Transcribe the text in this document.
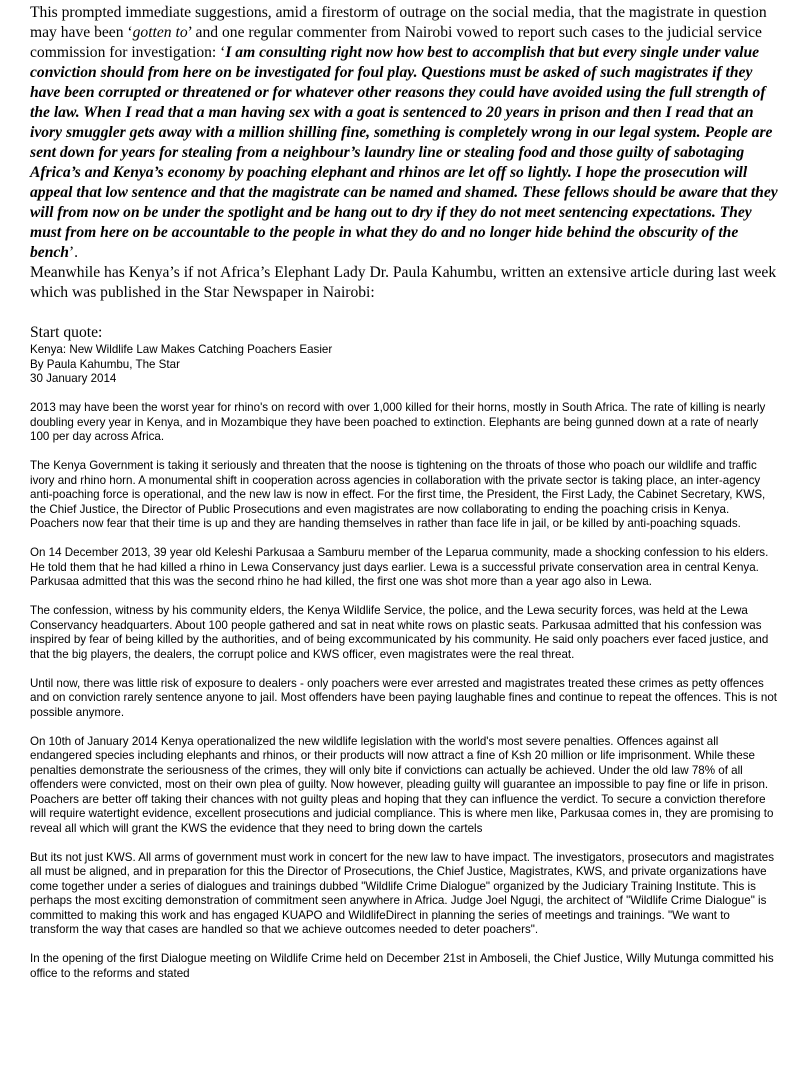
This prompted immediate suggestions, amid a firestorm of outrage on the social media, that the magistrate in question may have been ‘gotten to’ and one regular commenter from Nairobi vowed to report such cases to the judicial service commission for investigation: ‘I am consulting right now how best to accomplish that but every single under value conviction should from here on be investigated for foul play. Questions must be asked of such magistrates if they have been corrupted or threatened or for whatever other reasons they could have avoided using the full strength of the law. When I read that a man having sex with a goat is sentenced to 20 years in prison and then I read that an ivory smuggler gets away with a million shilling fine, something is completely wrong in our legal system. People are sent down for years for stealing from a neighbour’s laundry line or stealing food and those guilty of sabotaging Africa’s and Kenya’s economy by poaching elephant and rhinos are let off so lightly. I hope the prosecution will appeal that low sentence and that the magistrate can be named and shamed. These fellows should be aware that they will from now on be under the spotlight and be hang out to dry if they do not meet sentencing expectations. They must from here on be accountable to the people in what they do and no longer hide behind the obscurity of the bench’.

Meanwhile has Kenya’s if not Africa’s Elephant Lady Dr. Paula Kahumbu, written an extensive article during last week which was published in the Star Newspaper in Nairobi:

Start quote:

Kenya: New Wildlife Law Makes Catching Poachers Easier

By Paula Kahumbu, The Star

30 January 2014

2013 may have been the worst year for rhino's on record with over 1,000 killed for their horns, mostly in South Africa. The rate of killing is nearly doubling every year in Kenya, and in Mozambique they have been poached to extinction. Elephants are being gunned down at a rate of nearly 100 per day across Africa.

The Kenya Government is taking it seriously and threaten that the noose is tightening on the throats of those who poach our wildlife and traffic ivory and rhino horn. A monumental shift in cooperation across agencies in collaboration with the private sector is taking place, an inter-agency anti-poaching force is operational, and the new law is now in effect. For the first time, the President, the First Lady, the Cabinet Secretary, KWS, the Chief Justice, the Director of Public Prosecutions and even magistrates are now collaborating to ending the poaching crisis in Kenya. Poachers now fear that their time is up and they are handing themselves in rather than face life in jail, or be killed by anti-poaching squads.

On 14 December 2013, 39 year old Keleshi Parkusaa a Samburu member of the Leparua community, made a shocking confession to his elders. He told them that he had killed a rhino in Lewa Conservancy just days earlier. Lewa is a successful private conservation area in central Kenya. Parkusaa admitted that this was the second rhino he had killed, the first one was shot more than a year ago also in Lewa.

The confession, witness by his community elders, the Kenya Wildlife Service, the police, and the Lewa security forces, was held at the Lewa Conservancy headquarters. About 100 people gathered and sat in neat white rows on plastic seats. Parkusaa admitted that his confession was inspired by fear of being killed by the authorities, and of being excommunicated by his community. He said only poachers ever faced justice, and that the big players, the dealers, the corrupt police and KWS officer, even magistrates were the real threat.

Until now, there was little risk of exposure to dealers - only poachers were ever arrested and magistrates treated these crimes as petty offences and on conviction rarely sentence anyone to jail. Most offenders have been paying laughable fines and continue to repeat the offences. This is not possible anymore.

On 10th of January 2014 Kenya operationalized the new wildlife legislation with the world's most severe penalties. Offences against all endangered species including elephants and rhinos, or their products will now attract a fine of Ksh 20 million or life imprisonment. While these penalties demonstrate the seriousness of the crimes, they will only bite if convictions can actually be achieved. Under the old law 78% of all offenders were convicted, most on their own plea of guilty. Now however, pleading guilty will guarantee an impossible to pay fine or life in prison. Poachers are better off taking their chances with not guilty pleas and hoping that they can influence the verdict. To secure a conviction therefore will require watertight evidence, excellent prosecutions and judicial compliance. This is where men like, Parkusaa comes in, they are promising to reveal all which will grant the KWS the evidence that they need to bring down the cartels

But its not just KWS. All arms of government must work in concert for the new law to have impact. The investigators, prosecutors and magistrates all must be aligned, and in preparation for this the Director of Prosecutions, the Chief Justice, Magistrates, KWS, and private organizations have come together under a series of dialogues and trainings dubbed "Wildlife Crime Dialogue" organized by the Judiciary Training Institute. This is perhaps the most exciting demonstration of commitment seen anywhere in Africa. Judge Joel Ngugi, the architect of "Wildlife Crime Dialogue" is committed to making this work and has engaged KUAPO and WildlifeDirect in planning the series of meetings and trainings. "We want to transform the way that cases are handled so that we achieve outcomes needed to deter poachers".

In the opening of the first Dialogue meeting on Wildlife Crime held on December 21st in Amboseli, the Chief Justice, Willy Mutunga committed his office to the reforms and stated
